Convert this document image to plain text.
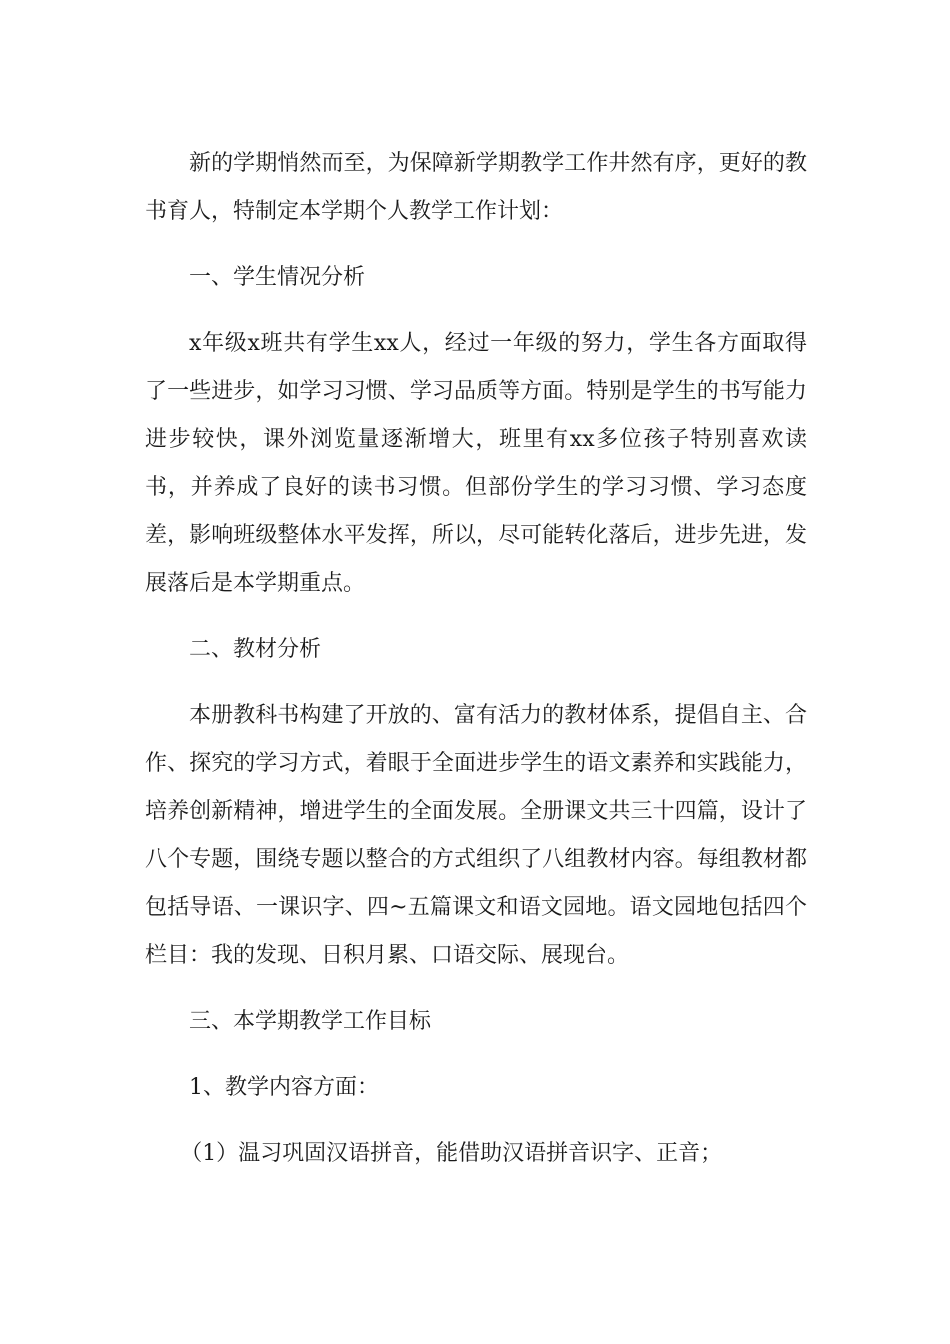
新的学期悄然而至，为保障新学期教学工作井然有序，更好的教书育人，特制定本学期个人教学工作计划：

一、学生情况分析

x年级x班共有学生xx人，经过一年级的努力，学生各方面取得了一些进步，如学习习惯、学习品质等方面。特别是学生的书写能力进步较快，课外浏览量逐渐增大，班里有xx多位孩子特别喜欢读书，并养成了良好的读书习惯。但部份学生的学习习惯、学习态度差，影响班级整体水平发挥，所以，尽可能转化落后，进步先进，发展落后是本学期重点。

二、教材分析

本册教科书构建了开放的、富有活力的教材体系，提倡自主、合作、探究的学习方式，着眼于全面进步学生的语文素养和实践能力，培养创新精神，增进学生的全面发展。全册课文共三十四篇，设计了八个专题，围绕专题以整合的方式组织了八组教材内容。每组教材都包括导语、一课识字、四~五篇课文和语文园地。语文园地包括四个栏目：我的发现、日积月累、口语交际、展现台。

三、本学期教学工作目标

1、教学内容方面：

（1）温习巩固汉语拼音，能借助汉语拼音识字、正音；
